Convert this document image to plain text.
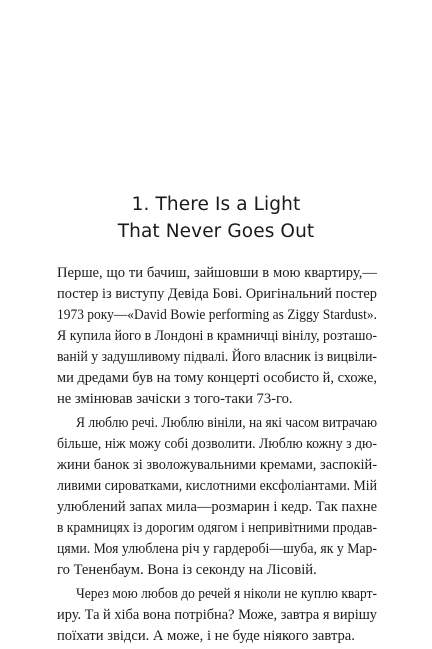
1. There Is a Light
That Never Goes Out
Перше, що ти бачиш, зайшовши в мою квартиру,—
постер із виступу Девіда Бові. Оригінальний постер
1973 року—«David Bowie performing as Ziggy Stardust».
Я купила його в Лондоні в крамничці вінілу, розташо-
ваній у задушливому підвалі. Його власник із вицвіли-
ми дредами був на тому концерті особисто й, схоже,
не змінював зачіски з того-таки 73-го.
Я люблю речі. Люблю вініли, на які часом витрачаю
більше, ніж можу собі дозволити. Люблю кожну з дю-
жини банок зі зволожувальними кремами, заспокій-
ливими сироватками, кислотними ексфоліантами. Мій
улюблений запах мила—розмарин і кедр. Так пахне
в крамницях із дорогим одягом і непривітними продав-
цями. Моя улюблена річ у гардеробі—шуба, як у Мар-
го Тененбаум. Вона із секонду на Лісовій.
Через мою любов до речей я ніколи не куплю кварт-
иру. Та й хіба вона потрібна? Може, завтра я вирішу
поїхати звідси. А може, і не буде ніякого завтра.
